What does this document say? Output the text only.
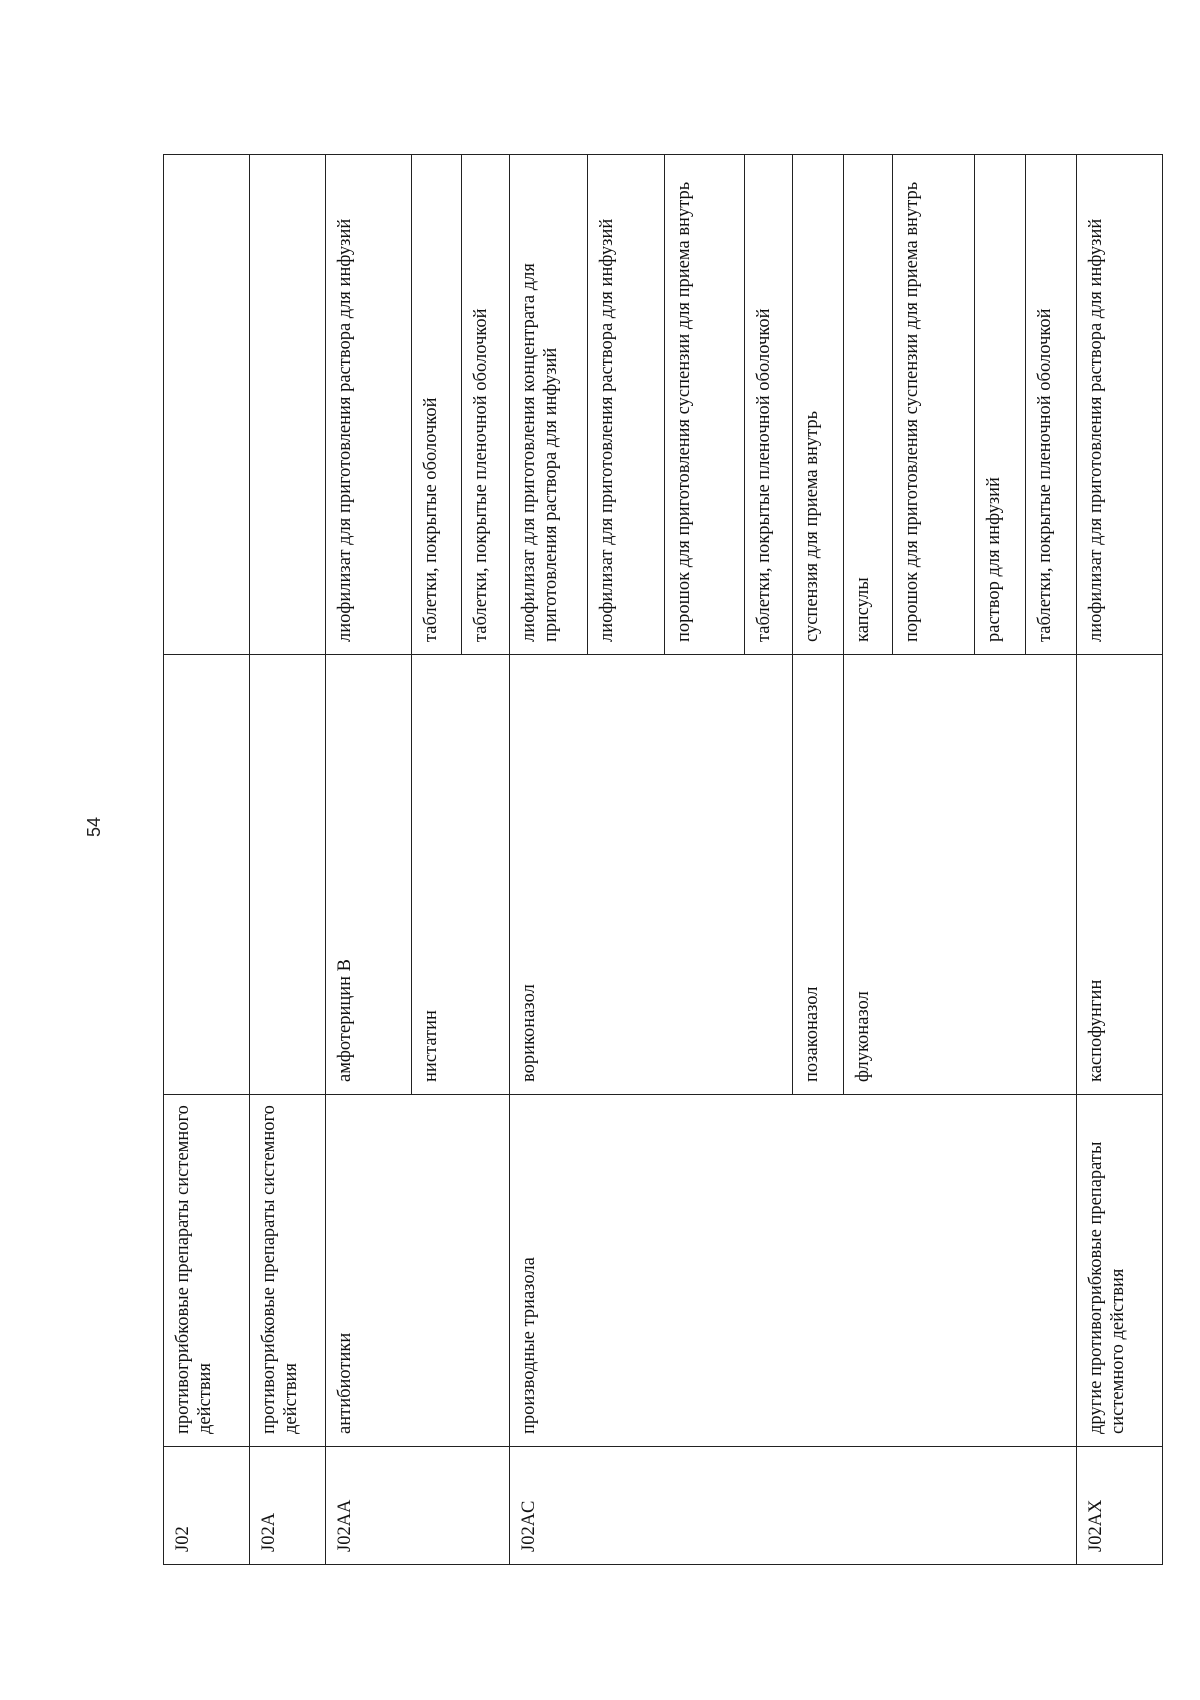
54
J02	противогрибковые препараты системного действия		
J02A	противогрибковые препараты системного действия		
J02AA	антибиотики	амфотерицин В	лиофилизат для приготовления раствора для инфузий
		нистатин	таблетки, покрытые оболочкой
			таблетки, покрытые пленочной оболочкой
J02AC	производные триазола	вориконазол	лиофилизат для приготовления концентрата для приготовления раствора для инфузий
			лиофилизат для приготовления раствора для инфузий
			порошок для приготовления суспензии для приема внутрь
			таблетки, покрытые пленочной оболочкой
		позаконазол	суспензия для приема внутрь
		флуконазол	капсулы
			порошок для приготовления суспензии для приема внутрь
			раствор для инфузий
			таблетки, покрытые пленочной оболочкой
J02AX	другие противогрибковые препараты системного действия	каспофунгин	лиофилизат для приготовления раствора для инфузий
